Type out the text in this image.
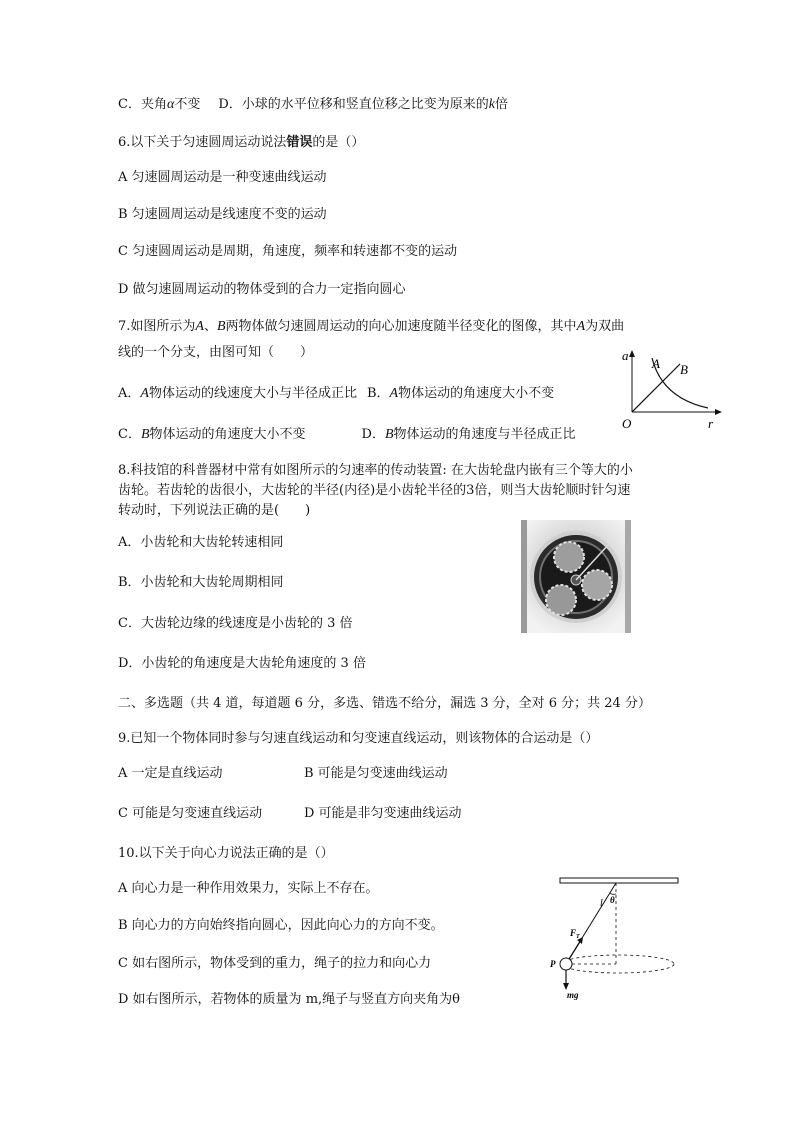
C．夹角α不变 D．小球的水平位移和竖直位移之比变为原来的k倍
6.以下关于匀速圆周运动说法错误的是（）
A 匀速圆周运动是一种变速曲线运动
B 匀速圆周运动是线速度不变的运动
C 匀速圆周运动是周期，角速度，频率和转速都不变的运动
D 做匀速圆周运动的物体受到的合力一定指向圆心
7.如图所示为A、B两物体做匀速圆周运动的向心加速度随半径变化的图像，其中A为双曲
线的一个分支，由图可知（　　）
A．A物体运动的线速度大小与半径成正比 B．A物体运动的角速度大小不变
C．B物体运动的角速度大小不变	D．B物体运动的角速度与半径成正比
a
r
O
A B
8.科技馆的科普器材中常有如图所示的匀速率的传动装置: 在大齿轮盘内嵌有三个等大的小
齿轮。若齿轮的齿很小，大齿轮的半径(内径)是小齿轮半径的3倍，则当大齿轮顺时针匀速
转动时，下列说法正确的是(　　)
A．小齿轮和大齿轮转速相同
B．小齿轮和大齿轮周期相同
C．大齿轮边缘的线速度是小齿轮的 3 倍
D．小齿轮的角速度是大齿轮角速度的 3 倍
二、多选题（共 4 道，每道题 6 分，多选、错选不给分，漏选 3 分，全对 6 分；共 24 分）
9.已知一个物体同时参与匀速直线运动和匀变速直线运动，则该物体的合运动是（）
A 一定是直线运动	B 可能是匀变速曲线运动
C 可能是匀变速直线运动	D 可能是非匀变速曲线运动
10.以下关于向心力说法正确的是（）
A 向心力是一种作用效果力，实际上不存在。
B 向心力的方向始终指向圆心，因此向心力的方向不变。
C 如右图所示，物体受到的重力，绳子的拉力和向心力
D 如右图所示，若物体的质量为 m,绳子与竖直方向夹角为θ
l θ
$F_T$
P
mg
